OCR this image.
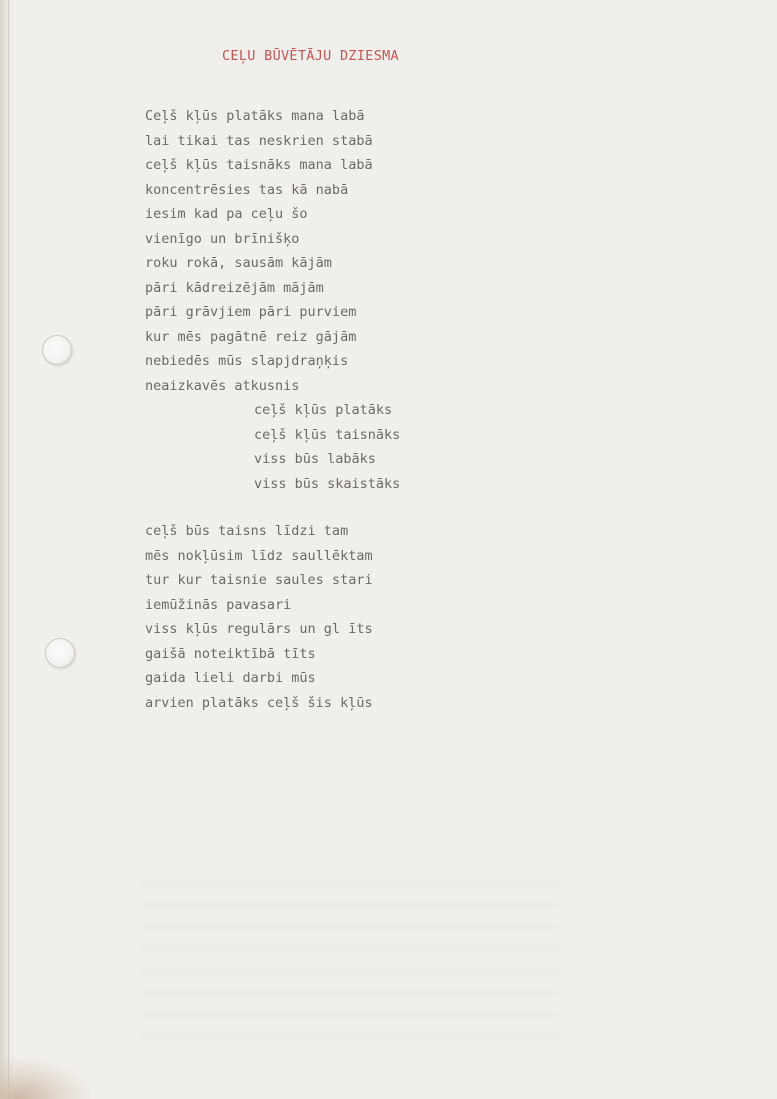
CEĻU BŪVĒTĀJU DZIESMA
Ceļš kļūs platāks mana labā
lai tikai tas neskrien stabā
ceļš kļūs taisnāks mana labā
koncentrēsies tas kā nabā
iesim kad pa ceļu šo
vienīgo un brīnišķo
roku rokā, sausām kājām
pāri kādreizējām mājām
pāri grāvjiem pāri purviem
kur mēs pagātnē reiz gājām
nebiedēs mūs slapjdraņķis
neaizkavēs atkusnis
ceļš kļūs platāks
ceļš kļūs taisnāks
viss būs labāks
viss būs skaistāks
ceļš būs taisns līdzi tam
mēs nokļūsim līdz saullēktam
tur kur taisnie saules stari
iemūžinās pavasari
viss kļūs regulārs un gl īts
gaišā noteiktībā tīts
gaida lieli darbi mūs
arvien platāks ceļš šis kļūs
